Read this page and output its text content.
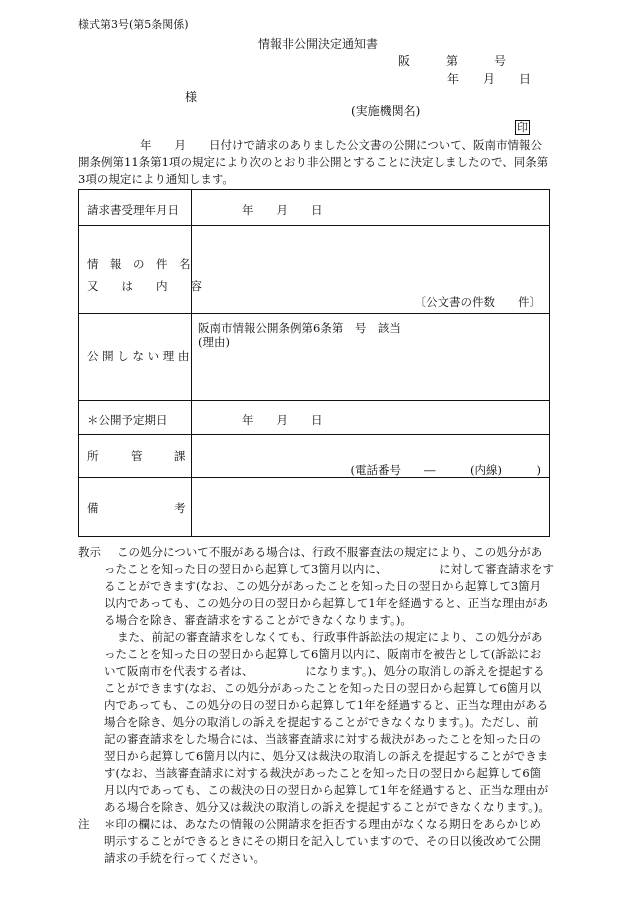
様式第3号(第5条関係)
情報非公開決定通知書
阪　　　第　　　号
年　　月　　日
様
(実施機関名)
印
年　　月　　日付けで請求のありました公文書の公開について、阪南市情報公
開条例第11条第1項の規定により次のとおり非公開とすることに決定しましたので、同条第
3項の規定により通知します。
請求書受理年月日	年　　月　　日

情　報　の　件　名
又　　は　　内　　容	〔公文書の件数　　件〕

公 開 し な い 理 由	阪南市情報公開条例第6条第　号　該当
(理由)

＊公開予定期日	年　　月　　日

所 管 課	(電話番号　　―　　　(内線)　　　)

備 考	

教示 この処分について不服がある場合は、行政不服審査法の規定により、この処分があ
ったことを知った日の翌日から起算して3箇月以内に、　　　　　に対して審査請求をす
ることができます(なお、この処分があったことを知った日の翌日から起算して3箇月
以内であっても、この処分の日の翌日から起算して1年を経過すると、正当な理由があ
る場合を除き、審査請求をすることができなくなります。)。
また、前記の審査請求をしなくても、行政事件訴訟法の規定により、この処分があ
ったことを知った日の翌日から起算して6箇月以内に、阪南市を被告として(訴訟にお
いて阪南市を代表する者は、　　　　　になります。)、処分の取消しの訴えを提起する
ことができます(なお、この処分があったことを知った日の翌日から起算して6箇月以
内であっても、この処分の日の翌日から起算して1年を経過すると、正当な理由がある
場合を除き、処分の取消しの訴えを提起することができなくなります。)。ただし、前
記の審査請求をした場合には、当該審査請求に対する裁決があったことを知った日の
翌日から起算して6箇月以内に、処分又は裁決の取消しの訴えを提起することができま
す(なお、当該審査請求に対する裁決があったことを知った日の翌日から起算して6箇
月以内であっても、この裁決の日の翌日から起算して1年を経過すると、正当な理由が
ある場合を除き、処分又は裁決の取消しの訴えを提起することができなくなります。)。
注 ＊印の欄には、あなたの情報の公開請求を拒否する理由がなくなる期日をあらかじめ
明示することができるときにその期日を記入していますので、その日以後改めて公開
請求の手続を行ってください。
